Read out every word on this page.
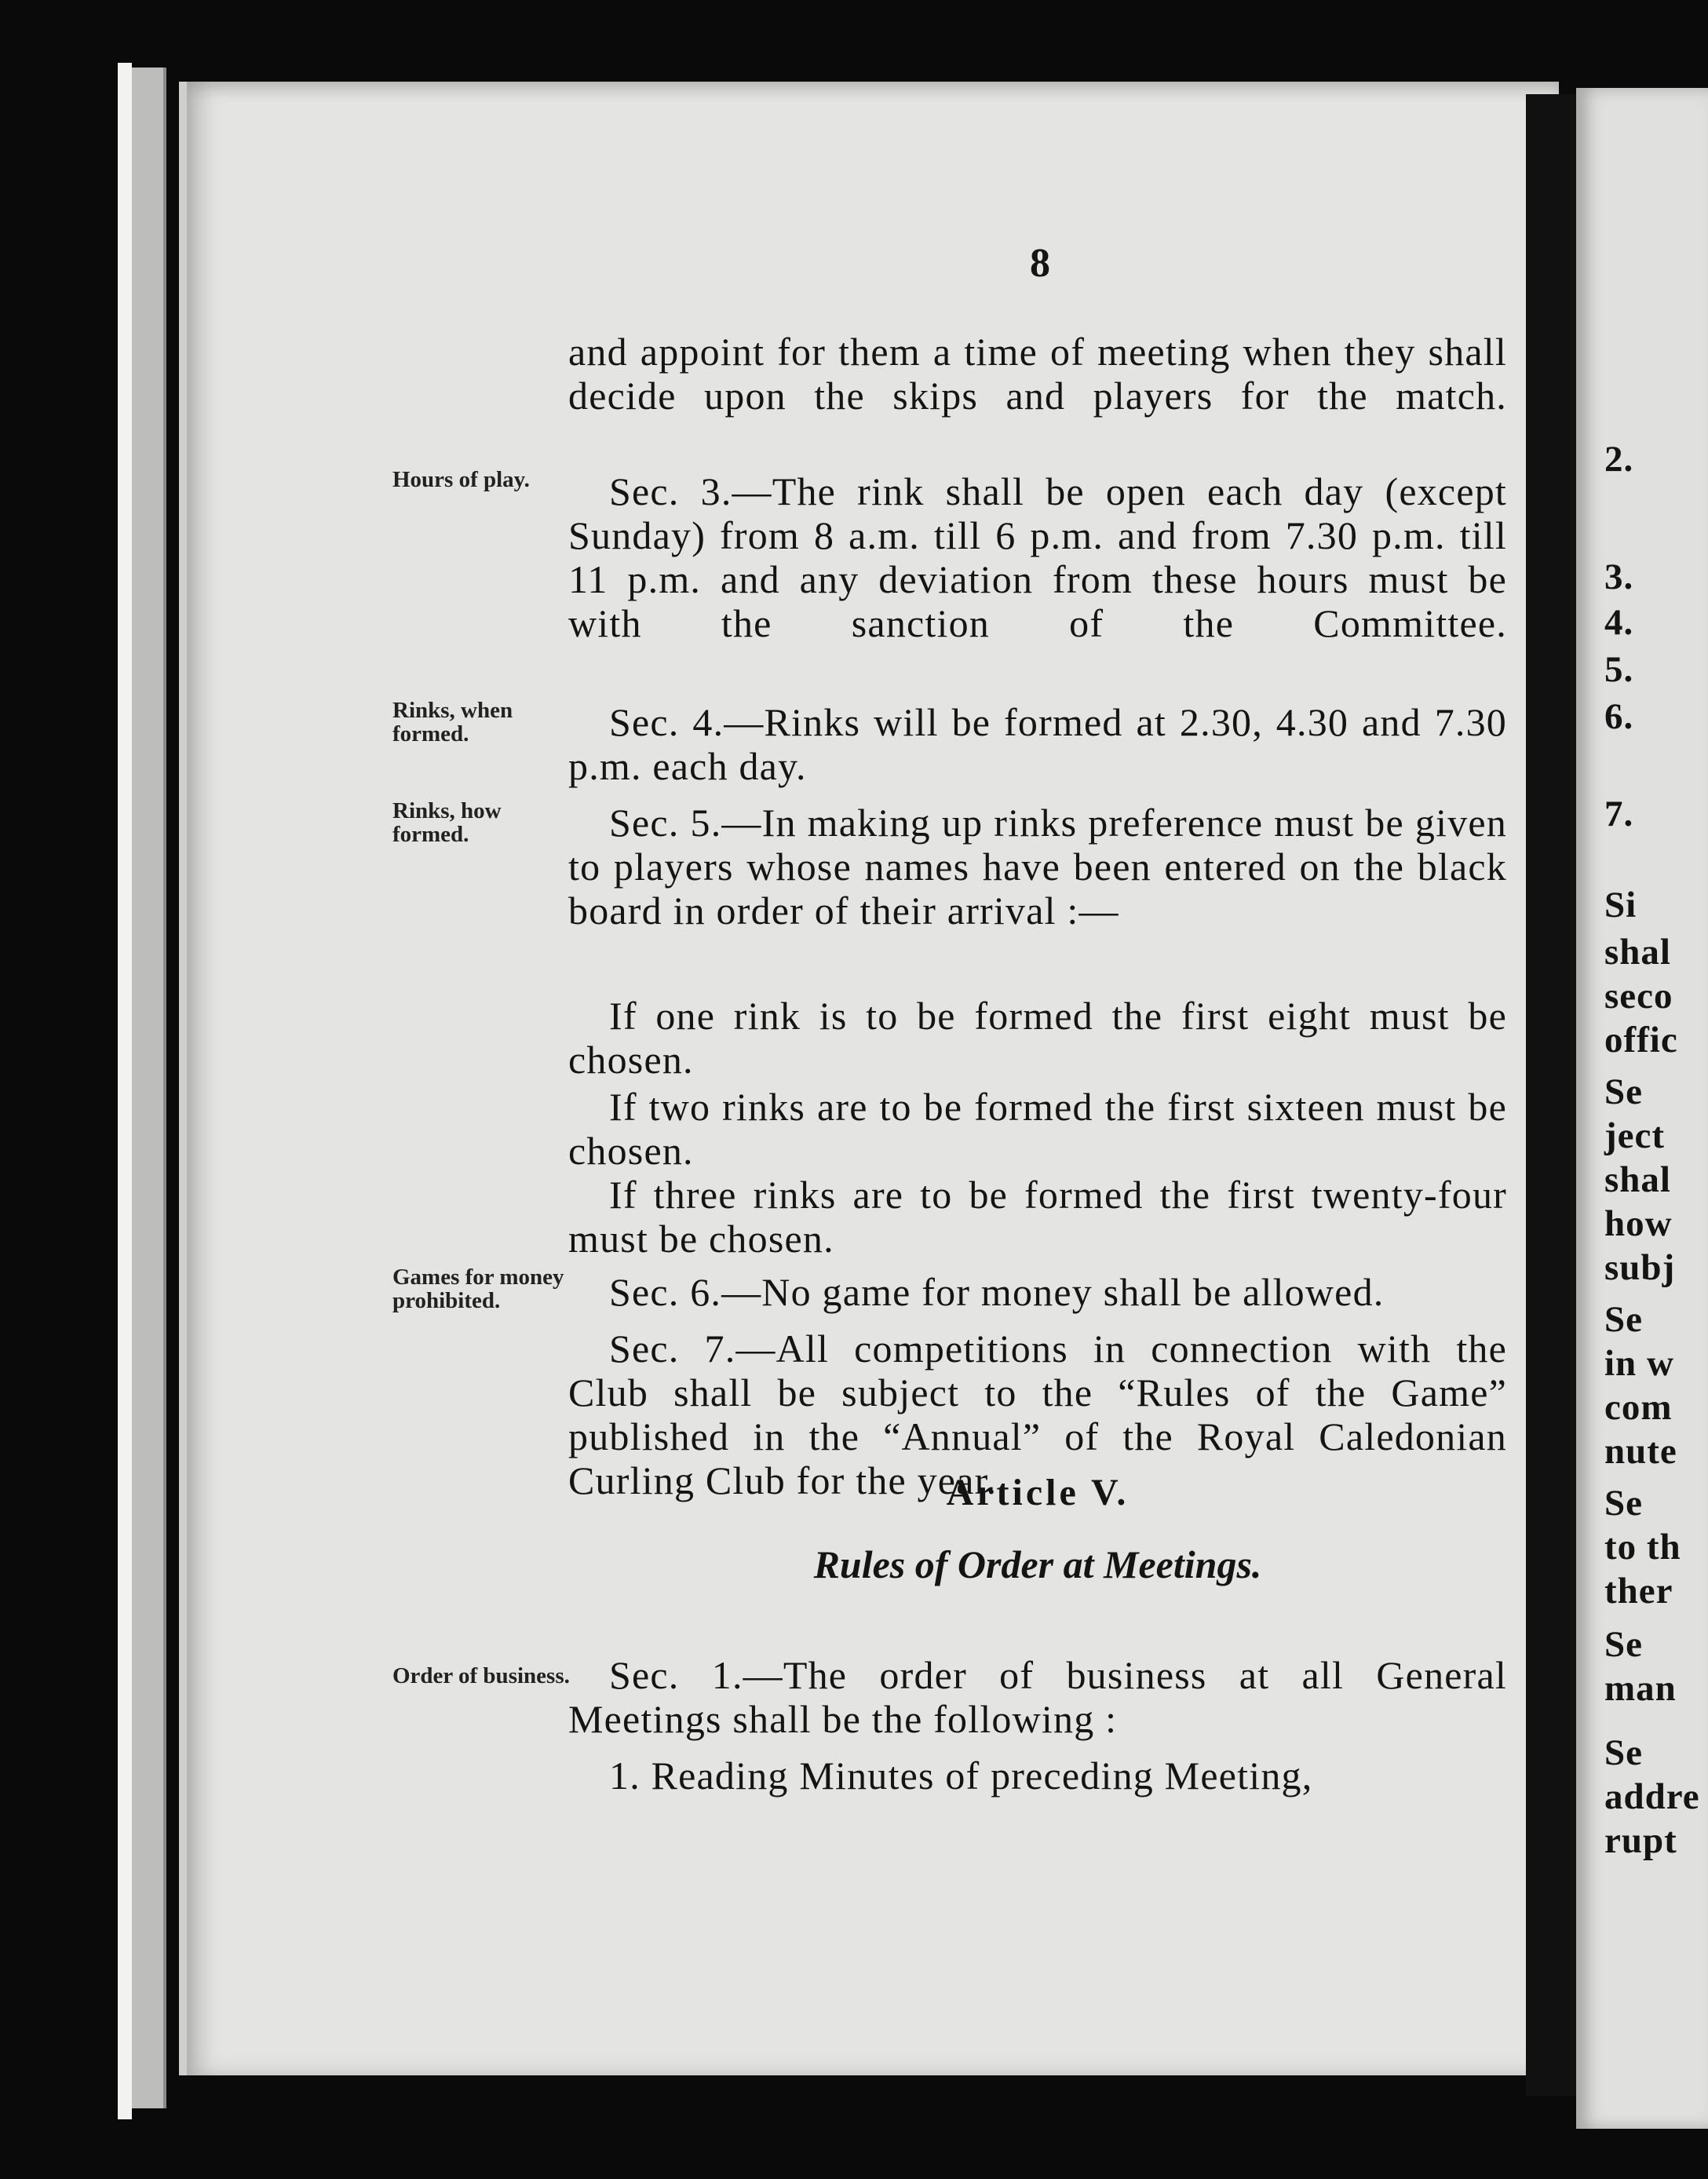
8

and appoint for them a time of meeting when they shall decide upon the skips and players for the match.

Hours of play.	Sec. 3.—The rink shall be open each day (except Sunday) from 8 a.m. till 6 p.m. and from 7.30 p.m. till 11 p.m. and any deviation from these hours must be with the sanction of the Committee.

Rinks, when formed.	Sec. 4.—Rinks will be formed at 2.30, 4.30 and 7.30 p.m. each day.

Rinks, how formed.	Sec. 5.—In making up rinks preference must be given to players whose names have been entered on the black board in order of their arrival :—

If one rink is to be formed the first eight must be chosen.

If two rinks are to be formed the first sixteen must be chosen.

If three rinks are to be formed the first twenty-four must be chosen.

Games for money prohibited.	Sec. 6.—No game for money shall be allowed.

Sec. 7.—All competitions in connection with the Club shall be subject to the “Rules of the Game” published in the “Annual” of the Royal Caledonian Curling Club for the year.

Article V.
Rules of Order at Meetings.
Order of business.	Sec. 1.—The order of business at all General Meetings shall be the following :

1. Reading Minutes of preceding Meeting,

2.
3.
4.
5.
6.
7.
Si
shal
seco
offic
Se
ject
shal
how
subj
Se
in w
com
nute
Se
to th
ther
Se
man
Se
addre
rupt
